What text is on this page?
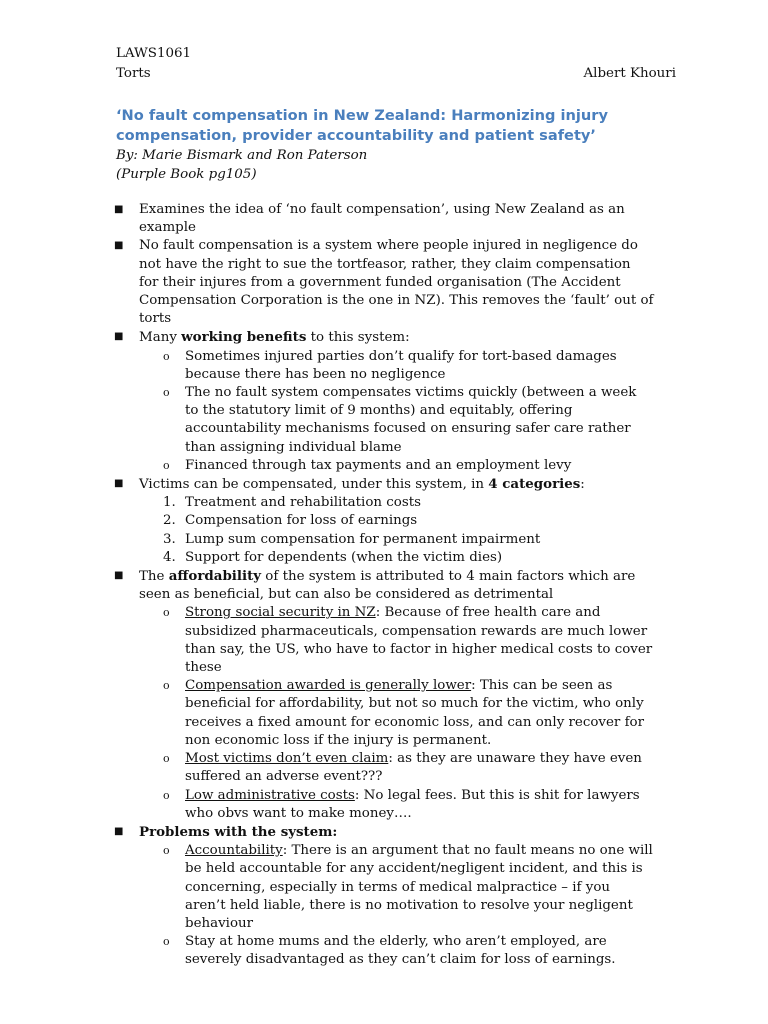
LAWS1061
Torts	Albert Khouri
‘No fault compensation in New Zealand: Harmonizing injury compensation, provider accountability and patient safety’
By: Marie Bismark and Ron Paterson
(Purple Book pg105)
■ Examines the idea of ‘no fault compensation’, using New Zealand as an example
■ No fault compensation is a system where people injured in negligence do not have the right to sue the tortfeasor, rather, they claim compensation for their injures from a government funded organisation (The Accident Compensation Corporation is the one in NZ). This removes the ‘fault’ out of torts
■ Many working benefits to this system:
o Sometimes injured parties don’t qualify for tort-based damages because there has been no negligence
o The no fault system compensates victims quickly (between a week to the statutory limit of 9 months) and equitably, offering accountability mechanisms focused on ensuring safer care rather than assigning individual blame
o Financed through tax payments and an employment levy
■ Victims can be compensated, under this system, in 4 categories:
1. Treatment and rehabilitation costs
2. Compensation for loss of earnings
3. Lump sum compensation for permanent impairment
4. Support for dependents (when the victim dies)
■ The affordability of the system is attributed to 4 main factors which are seen as beneficial, but can also be considered as detrimental
o Strong social security in NZ: Because of free health care and subsidized pharmaceuticals, compensation rewards are much lower than say, the US, who have to factor in higher medical costs to cover these
o Compensation awarded is generally lower: This can be seen as beneficial for affordability, but not so much for the victim, who only receives a fixed amount for economic loss, and can only recover for non economic loss if the injury is permanent.
o Most victims don’t even claim: as they are unaware they have even suffered an adverse event???
o Low administrative costs: No legal fees. But this is shit for lawyers who obvs want to make money….
■ Problems with the system:
o Accountability: There is an argument that no fault means no one will be held accountable for any accident/negligent incident, and this is concerning, especially in terms of medical malpractice – if you aren’t held liable, there is no motivation to resolve your negligent behaviour
o Stay at home mums and the elderly, who aren’t employed, are severely disadvantaged as they can’t claim for loss of earnings.
